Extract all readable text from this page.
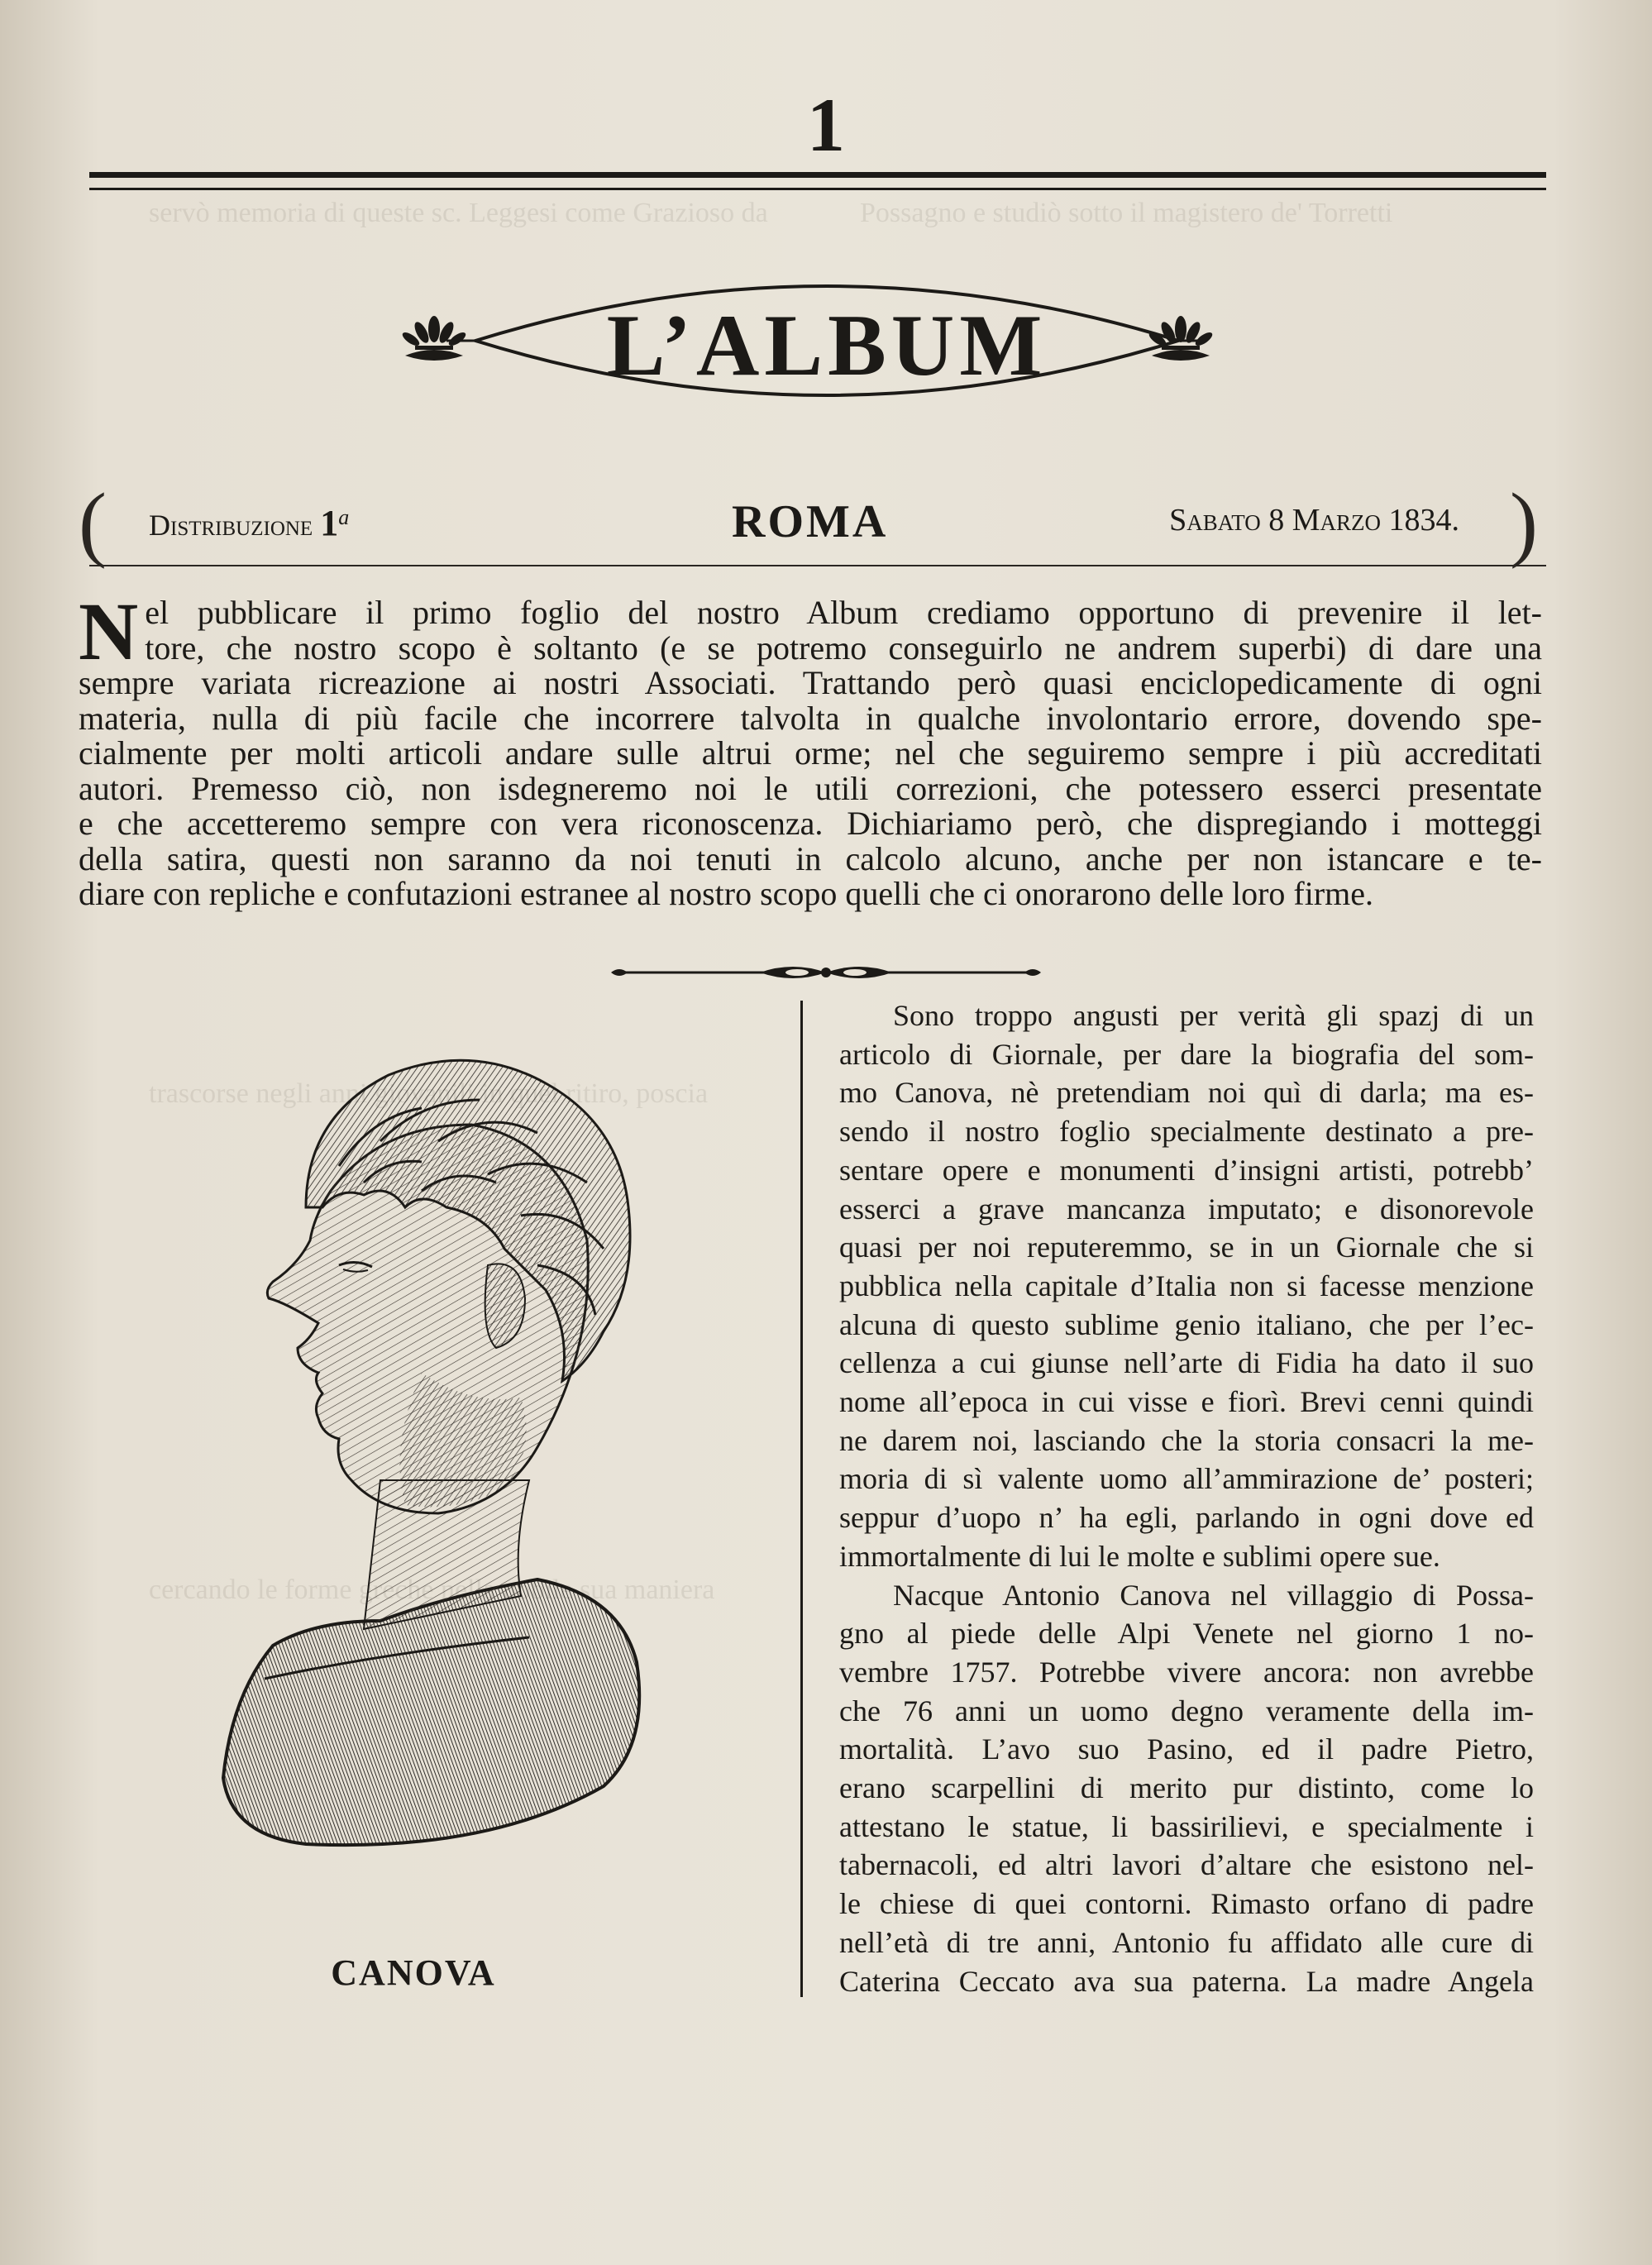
servò memoria di queste sc. Leggesi come Grazioso da	Possagno e studiò sotto il magistero de' Torretti
trascorse negli anni ritiro, poscia
cercando le forme sua maniera
1
L’ALBUM
( Distribuzione 1$^a$	ROMA	Sabato 8 Marzo 1834. )
N el pubblicare il primo foglio del nostro Album crediamo opportuno di prevenire il let-
tore, che nostro scopo è soltanto (e se potremo conseguirlo ne andrem superbi) di dare una
sempre variata ricreazione ai nostri Associati. Trattando però quasi enciclopedicamente di ogni
materia, nulla di più facile che incorrere talvolta in qualche involontario errore, dovendo spe-
cialmente per molti articoli andare sulle altrui orme; nel che seguiremo sempre i più accreditati
autori. Premesso ciò, non isdegneremo noi le utili correzioni, che potessero esserci presentate
e che accetteremo sempre con vera riconoscenza. Dichiariamo però, che dispregiando i motteggi
della satira, questi non saranno da noi tenuti in calcolo alcuno, anche per non istancare e te-
diare con repliche e confutazioni estranee al nostro scopo quelli che ci onorarono delle loro firme.
CANOVA
Sono troppo angusti per verità gli spazj di un
articolo di Giornale, per dare la biografia del som-
mo Canova, nè pretendiam noi quì di darla; ma es-
sendo il nostro foglio specialmente destinato a pre-
sentare opere e monumenti d’insigni artisti, potrebb’
esserci a grave mancanza imputato; e disonorevole
quasi per noi reputeremmo, se in un Giornale che si
pubblica nella capitale d’Italia non si facesse menzione
alcuna di questo sublime genio italiano, che per l’ec-
cellenza a cui giunse nell’arte di Fidia ha dato il suo
nome all’epoca in cui visse e fiorì. Brevi cenni quindi
ne darem noi, lasciando che la storia consacri la me-
moria di sì valente uomo all’ammirazione de’ posteri;
seppur d’uopo n’ ha egli, parlando in ogni dove ed
immortalmente di lui le molte e sublimi opere sue.
Nacque Antonio Canova nel villaggio di Possa-
gno al piede delle Alpi Venete nel giorno 1 no-
vembre 1757. Potrebbe vivere ancora: non avrebbe
che 76 anni un uomo degno veramente della im-
mortalità. L’avo suo Pasino, ed il padre Pietro,
erano scarpellini di merito pur distinto, come lo
attestano le statue, li bassirilievi, e specialmente i
tabernacoli, ed altri lavori d’altare che esistono nel-
le chiese di quei contorni. Rimasto orfano di padre
nell’età di tre anni, Antonio fu affidato alle cure di
Caterina Ceccato ava sua paterna. La madre Angela
